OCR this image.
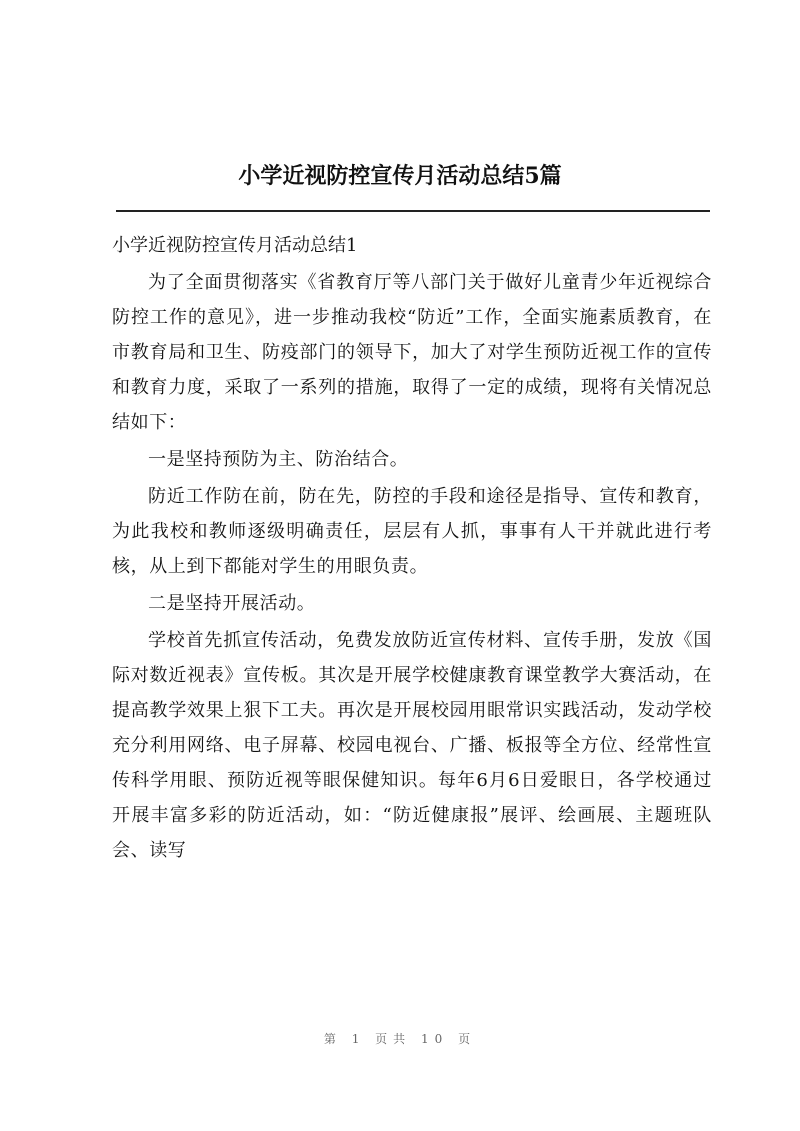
小学近视防控宣传月活动总结5篇

小学近视防控宣传月活动总结1

为了全面贯彻落实《省教育厅等八部门关于做好儿童青少年近视综合防控工作的意见》，进一步推动我校“防近”工作，全面实施素质教育，在市教育局和卫生、防疫部门的领导下，加大了对学生预防近视工作的宣传和教育力度，采取了一系列的措施，取得了一定的成绩，现将有关情况总结如下：

一是坚持预防为主、防治结合。

防近工作防在前，防在先，防控的手段和途径是指导、宣传和教育，为此我校和教师逐级明确责任，层层有人抓，事事有人干并就此进行考核，从上到下都能对学生的用眼负责。

二是坚持开展活动。

学校首先抓宣传活动，免费发放防近宣传材料、宣传手册，发放《国际对数近视表》宣传板。其次是开展学校健康教育课堂教学大赛活动，在提高教学效果上狠下工夫。再次是开展校园用眼常识实践活动，发动学校充分利用网络、电子屏幕、校园电视台、广播、板报等全方位、经常性宣传科学用眼、预防近视等眼保健知识。每年6月6日爱眼日，各学校通过开展丰富多彩的防近活动，如：“防近健康报”展评、绘画展、主题班队会、读写

第 1 页共 10 页
